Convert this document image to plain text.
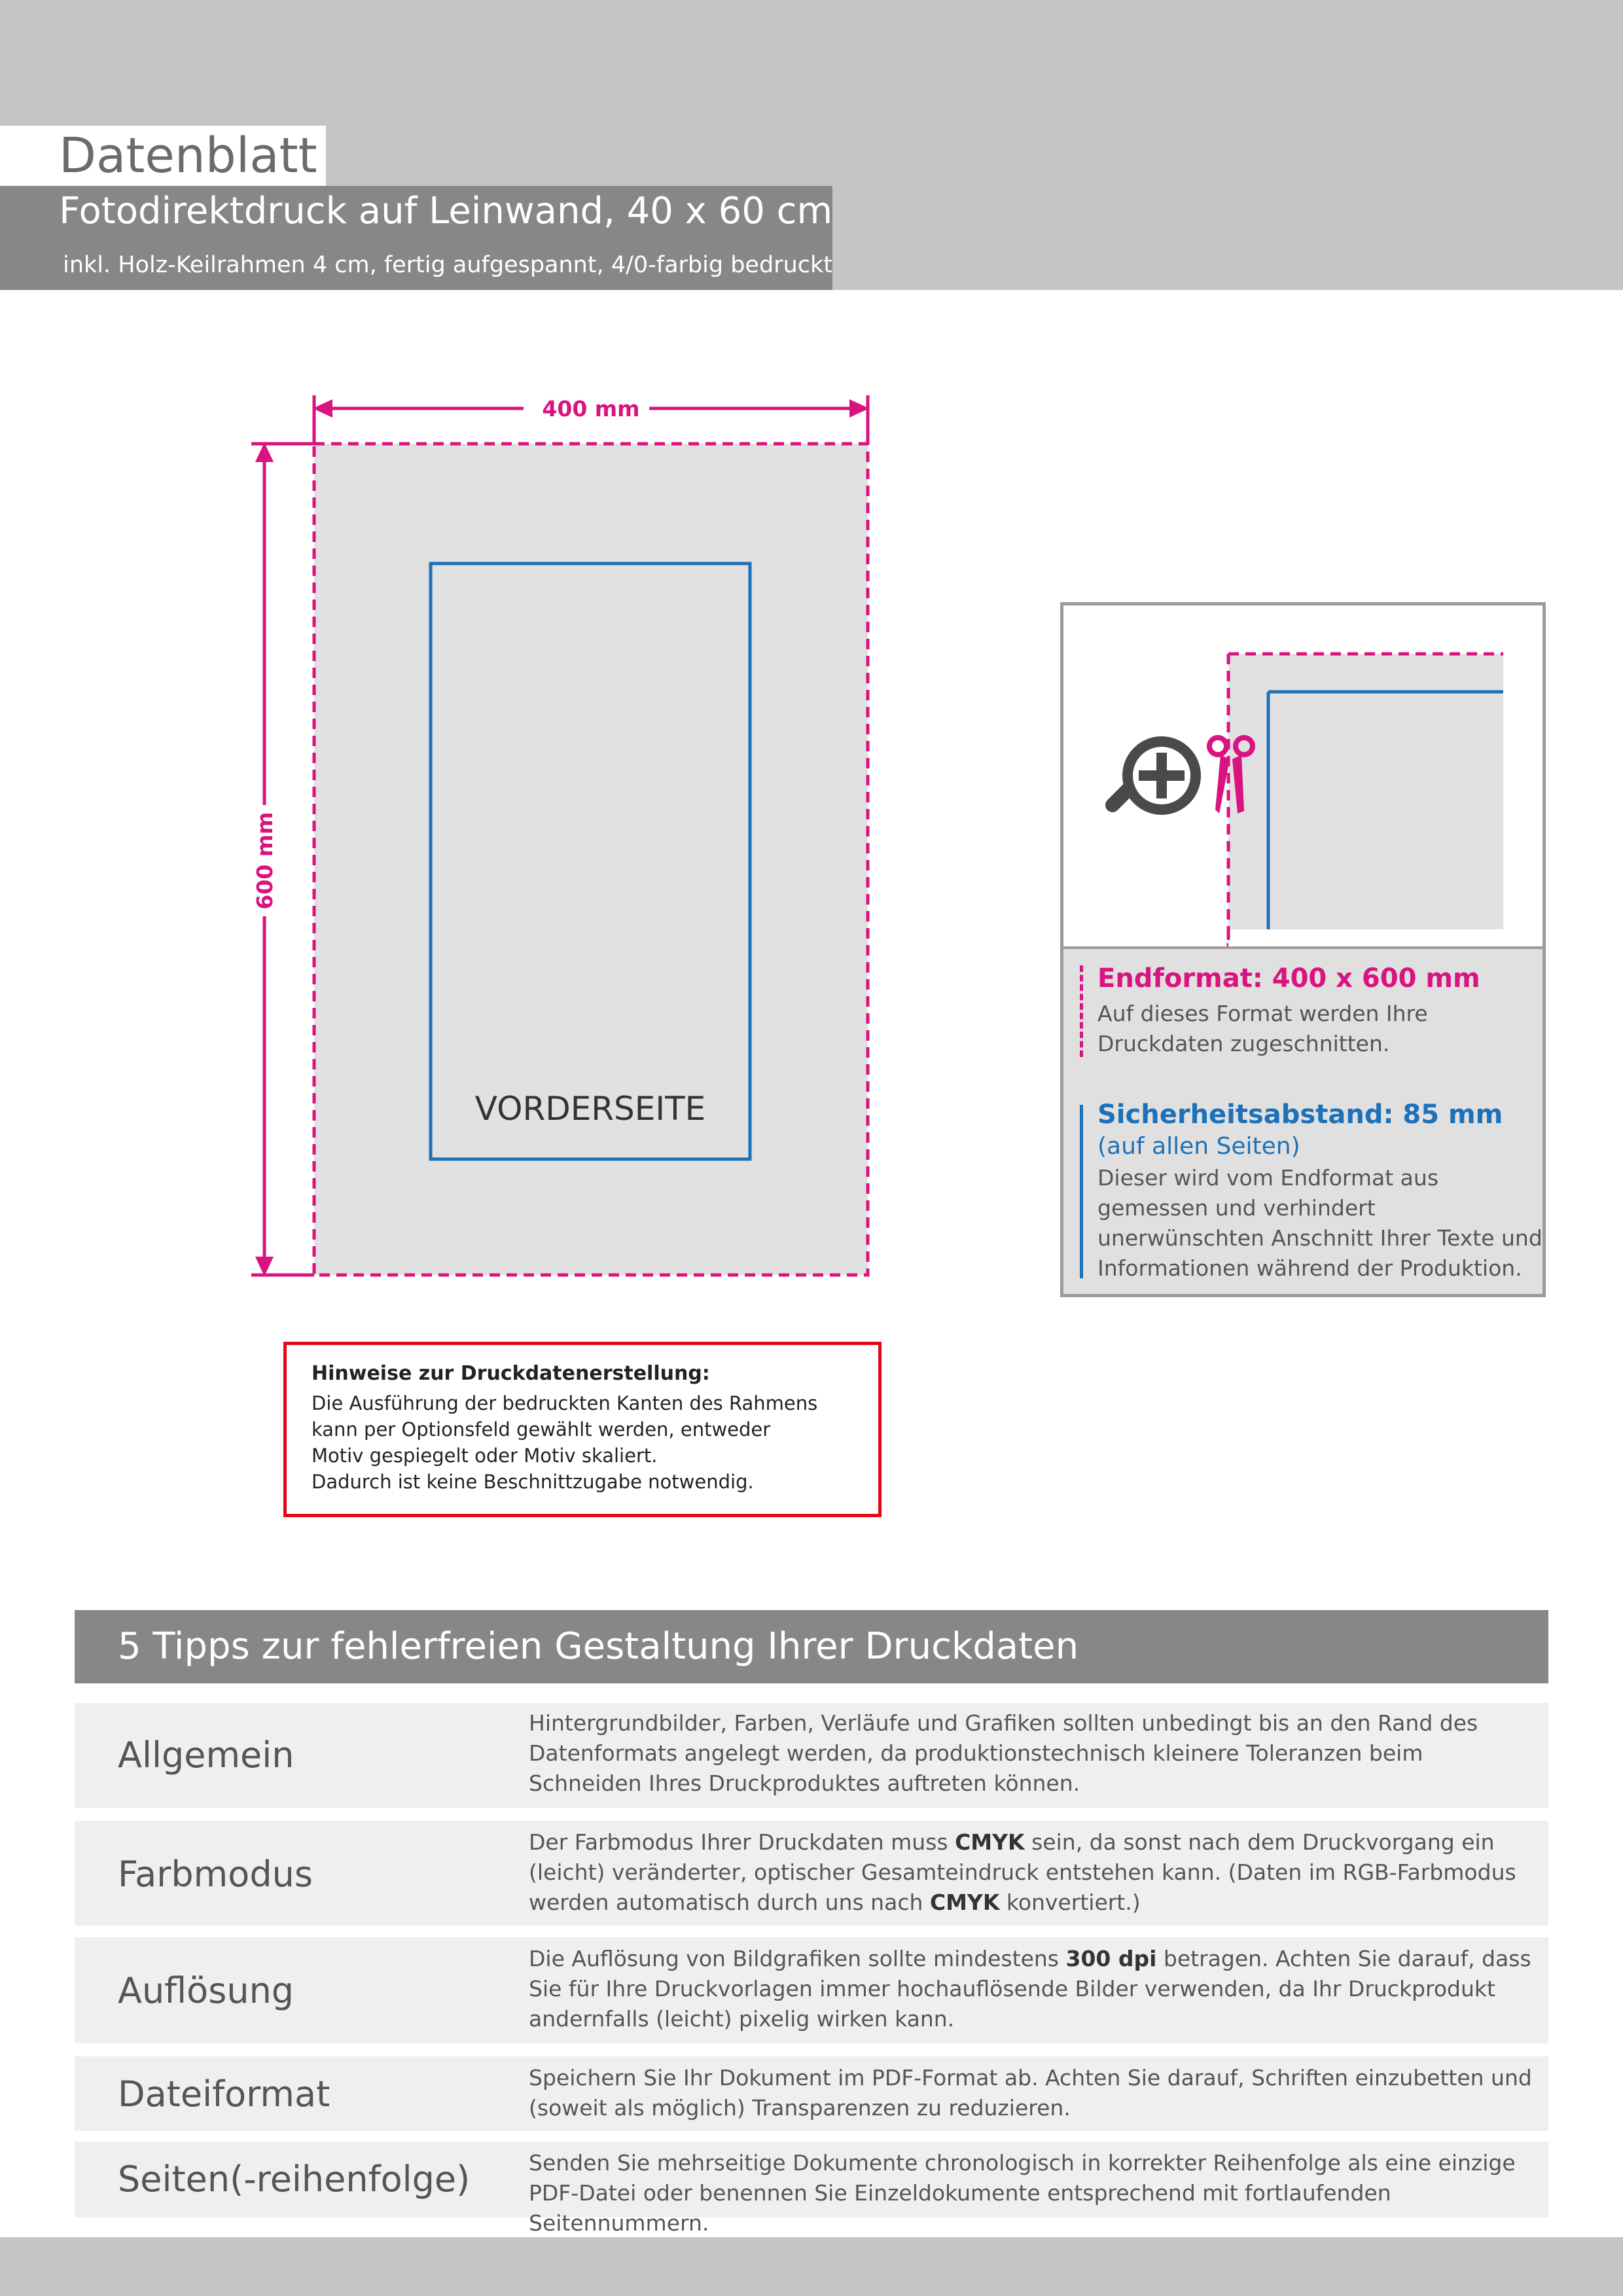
Datenblatt
Fotodirektdruck auf Leinwand, 40 x 60 cm
inkl. Holz-Keilrahmen 4 cm, fertig aufgespannt, 4/0-farbig bedruckt
400 mm
600 mm
VORDERSEITE
Endformat: 400 x 600 mm
Auf dieses Format werden Ihre Druckdaten zugeschnitten.
Sicherheitsabstand: 85 mm
(auf allen Seiten)
Dieser wird vom Endformat aus gemessen und verhindert unerwünschten Anschnitt Ihrer Texte und Informationen während der Produktion.
Hinweise zur Druckdatenerstellung:
Die Ausführung der bedruckten Kanten des Rahmens
kann per Optionsfeld gewählt werden, entweder
Motiv gespiegelt oder Motiv skaliert.
Dadurch ist keine Beschnittzugabe notwendig.
5 Tipps zur fehlerfreien Gestaltung Ihrer Druckdaten
Allgemein
Hintergrundbilder, Farben, Verläufe und Grafiken sollten unbedingt bis an den Rand des Datenformats angelegt werden, da produktionstechnisch kleinere Toleranzen beim Schneiden Ihres Druckproduktes auftreten können.
Farbmodus
Der Farbmodus Ihrer Druckdaten muss CMYK sein, da sonst nach dem Druckvorgang ein (leicht) veränderter, optischer Gesamteindruck entstehen kann. (Daten im RGB-Farbmodus werden automatisch durch uns nach CMYK konvertiert.)
Auflösung
Die Auflösung von Bildgrafiken sollte mindestens 300 dpi betragen. Achten Sie darauf, dass Sie für Ihre Druckvorlagen immer hochauflösende Bilder verwenden, da Ihr Druckprodukt andernfalls (leicht) pixelig wirken kann.
Dateiformat	Speichern Sie Ihr Dokument im PDF-Format ab. Achten Sie darauf, Schriften einzubetten und (soweit als möglich) Transparenzen zu reduzieren.
Seiten(-reihenfolge)	Senden Sie mehrseitige Dokumente chronologisch in korrekter Reihenfolge als eine einzige PDF-Datei oder benennen Sie Einzeldokumente entsprechend mit fortlaufenden Seitennummern.
